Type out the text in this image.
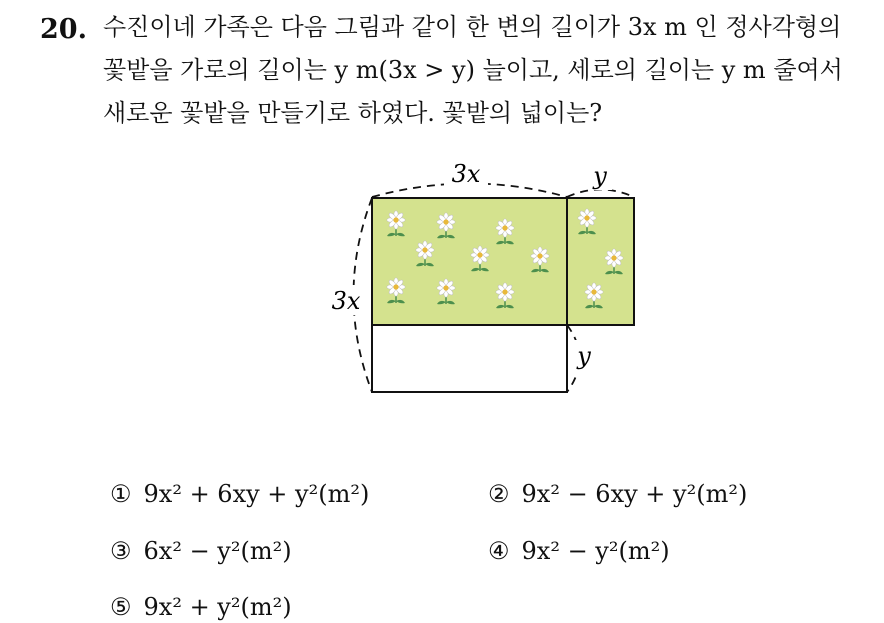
20. 수진이네 가족은 다음 그림과 같이 한 변의 길이가 3x m 인 정사각형의
꽃밭을 가로의 길이는 y m(3x > y) 늘이고, 세로의 길이는 y m 줄여서
새로운 꽃밭을 만들기로 하였다. 꽃밭의 넓이는?
3x	y
3x
y
① 9x² + 6xy + y²(m²)	② 9x² − 6xy + y²(m²)
③ 6x² − y²(m²)	④ 9x² − y²(m²)
⑤ 9x² + y²(m²)
